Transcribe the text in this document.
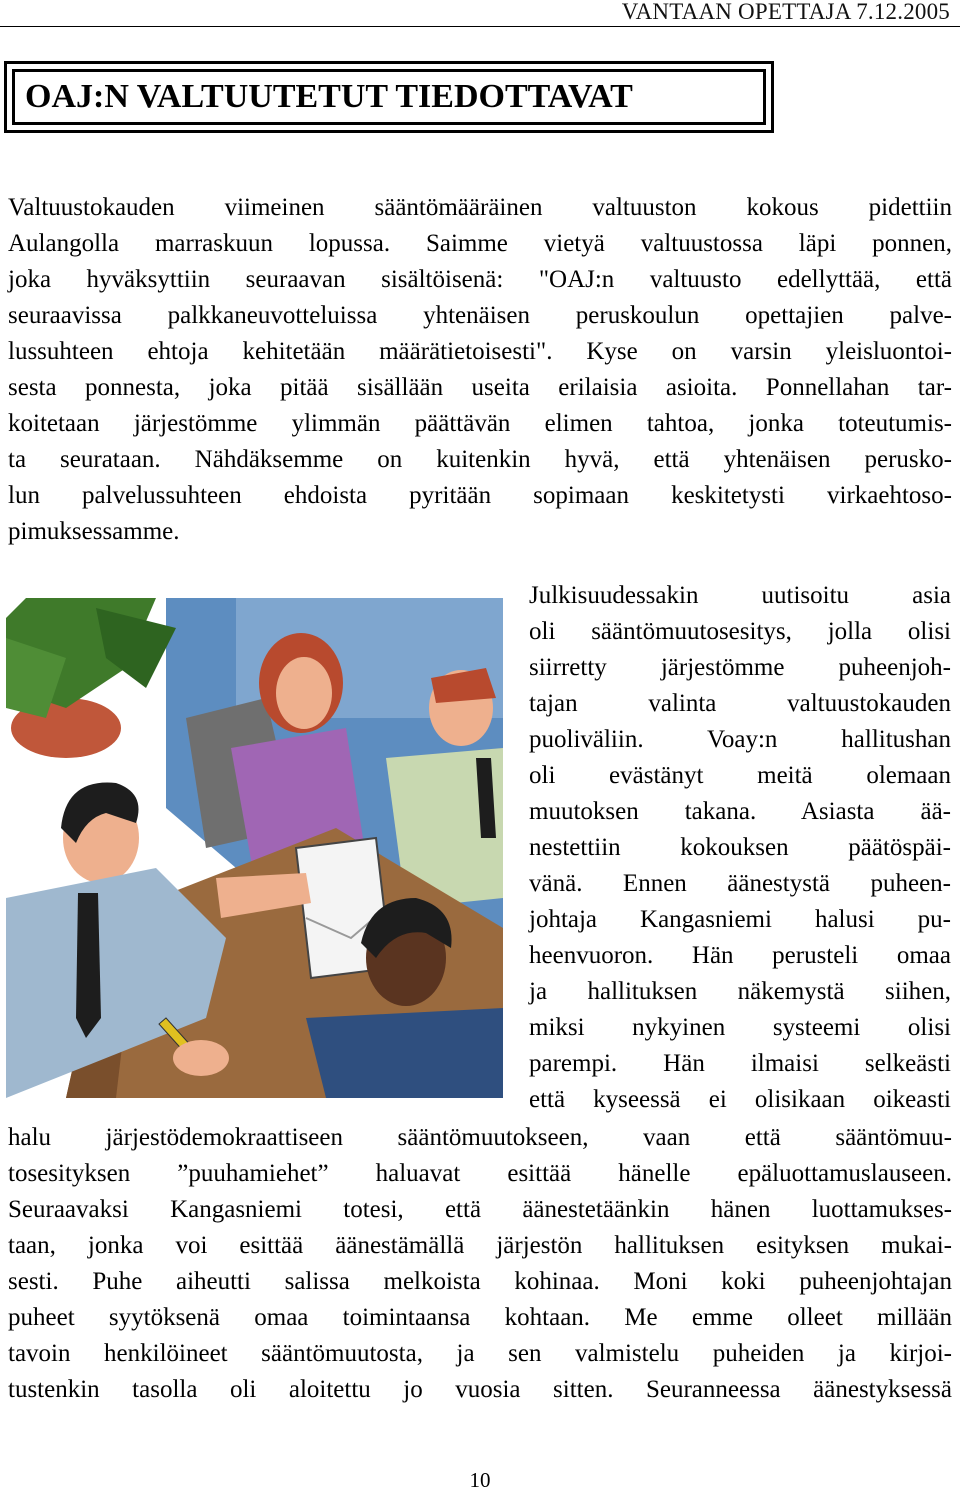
VANTAAN OPETTAJA 7.12.2005
OAJ:N VALTUUTETUT TIEDOTTAVAT
Valtuustokauden viimeinen sääntömääräinen valtuuston kokous pidettiin
Aulangolla marraskuun lopussa. Saimme vietyä valtuustossa läpi ponnen,
joka hyväksyttiin seuraavan sisältöisenä: "OAJ:n valtuusto edellyttää, että
seuraavissa palkkaneuvotteluissa yhtenäisen peruskoulun opettajien palve-
lussuhteen ehtoja kehitetään määrätietoisesti". Kyse on varsin yleisluontoi-
sesta ponnesta, joka pitää sisällään useita erilaisia asioita. Ponnellahan tar-
koitetaan järjestömme ylimmän päättävän elimen tahtoa, jonka toteutumis-
ta seurataan. Nähdäksemme on kuitenkin hyvä, että yhtenäisen perusko-
lun palvelussuhteen ehdoista pyritään sopimaan keskitetysti virkaehtoso-
pimuksessamme.
Julkisuudessakin uutisoitu asia
oli sääntömuutosesitys, jolla olisi
siirretty järjestömme puheenjoh-
tajan valinta valtuustokauden
puoliväliin. Voay:n hallitushan
oli evästänyt meitä olemaan
muutoksen takana. Asiasta ää-
nestettiin kokouksen päätöspäi-
vänä. Ennen äänestystä puheen-
johtaja Kangasniemi halusi pu-
heenvuoron. Hän perusteli omaa
ja hallituksen näkemystä siihen,
miksi nykyinen systeemi olisi
parempi. Hän ilmaisi selkeästi
että kyseessä ei olisikaan oikeasti
halu järjestödemokraattiseen sääntömuutokseen, vaan että sääntömuu-
tosesityksen ”puuhamiehet” haluavat esittää hänelle epäluottamuslauseen.
Seuraavaksi Kangasniemi totesi, että äänestetäänkin hänen luottamukses-
taan, jonka voi esittää äänestämällä järjestön hallituksen esityksen mukai-
sesti. Puhe aiheutti salissa melkoista kohinaa. Moni koki puheenjohtajan
puheet syytöksenä omaa toimintaansa kohtaan. Me emme olleet millään
tavoin henkilöineet sääntömuutosta, ja sen valmistelu puheiden ja kirjoi-
tustenkin tasolla oli aloitettu jo vuosia sitten. Seuranneessa äänestyksessä
10
